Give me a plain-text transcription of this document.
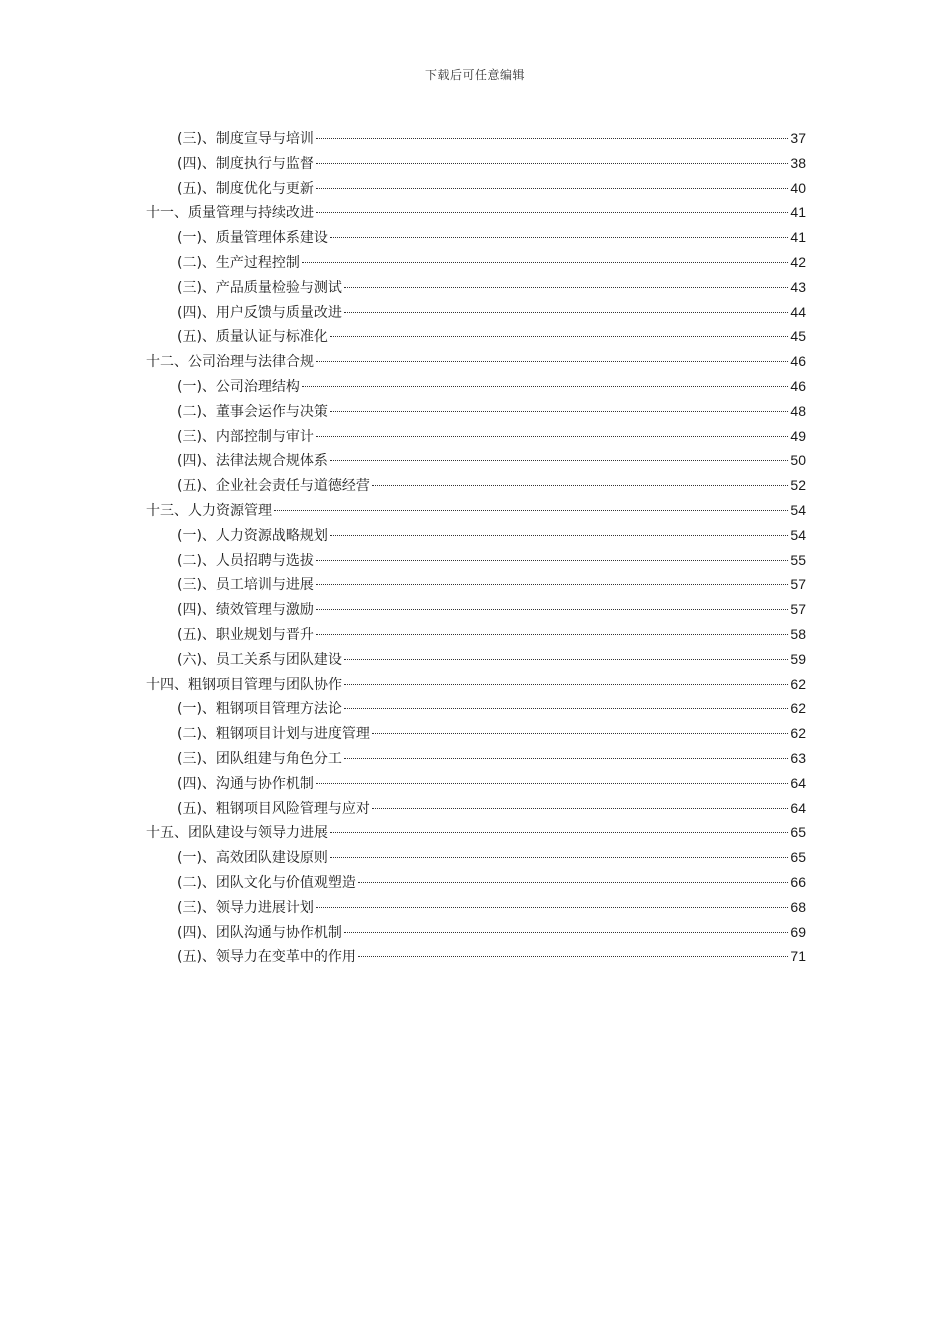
下载后可任意编辑
(三)、制度宣导与培训	37
(四)、制度执行与监督	38
(五)、制度优化与更新	40
十一、质量管理与持续改进	41
(一)、质量管理体系建设	41
(二)、生产过程控制	42
(三)、产品质量检验与测试	43
(四)、用户反馈与质量改进	44
(五)、质量认证与标准化	45
十二、公司治理与法律合规	46
(一)、公司治理结构	46
(二)、董事会运作与决策	48
(三)、内部控制与审计	49
(四)、法律法规合规体系	50
(五)、企业社会责任与道德经营	52
十三、人力资源管理	54
(一)、人力资源战略规划	54
(二)、人员招聘与选拔	55
(三)、员工培训与进展	57
(四)、绩效管理与激励	57
(五)、职业规划与晋升	58
(六)、员工关系与团队建设	59
十四、粗钢项目管理与团队协作	62
(一)、粗钢项目管理方法论	62
(二)、粗钢项目计划与进度管理	62
(三)、团队组建与角色分工	63
(四)、沟通与协作机制	64
(五)、粗钢项目风险管理与应对	64
十五、团队建设与领导力进展	65
(一)、高效团队建设原则	65
(二)、团队文化与价值观塑造	66
(三)、领导力进展计划	68
(四)、团队沟通与协作机制	69
(五)、领导力在变革中的作用	71
